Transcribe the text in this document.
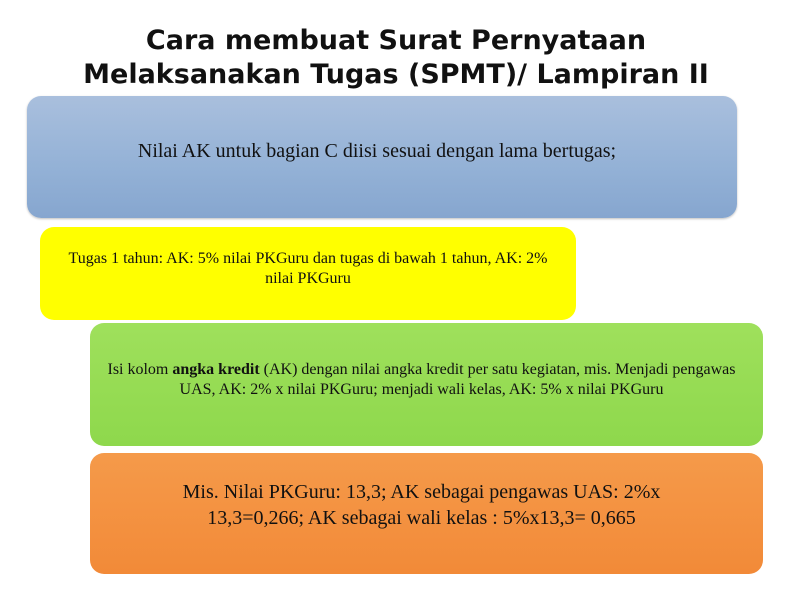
Cara membuat Surat Pernyataan
Melaksanakan Tugas (SPMT)/ Lampiran II
Nilai AK untuk bagian C diisi sesuai dengan lama bertugas;
Tugas 1 tahun: AK: 5% nilai PKGuru dan tugas di bawah 1 tahun, AK: 2% nilai PKGuru
Isi kolom angka kredit (AK) dengan nilai angka kredit per satu kegiatan, mis. Menjadi pengawas UAS, AK: 2% x nilai PKGuru; menjadi wali kelas, AK: 5% x nilai PKGuru
Mis. Nilai PKGuru: 13,3; AK sebagai pengawas UAS: 2%x 13,3=0,266; AK sebagai wali kelas : 5%x13,3= 0,665
